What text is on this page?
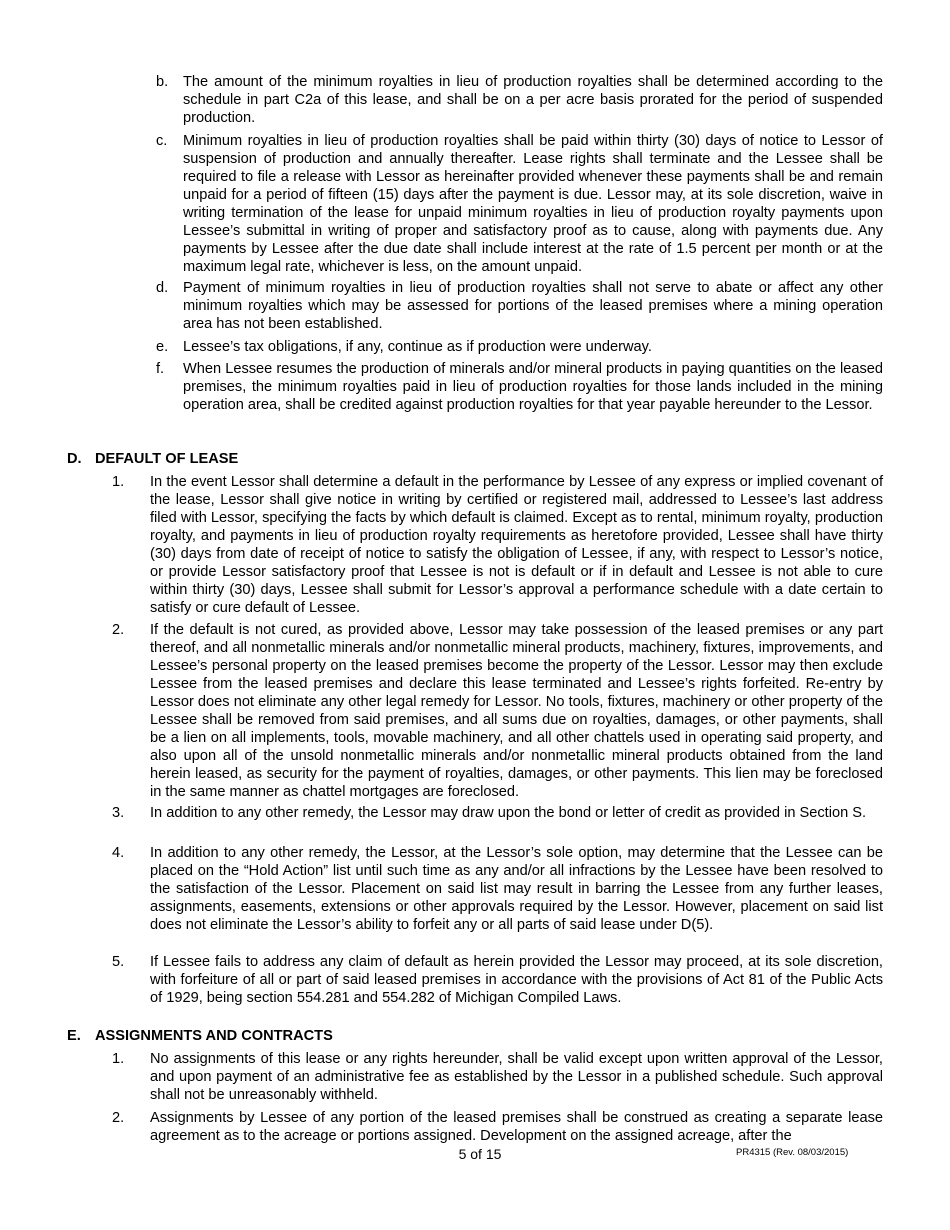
b. The amount of the minimum royalties in lieu of production royalties shall be determined according to the schedule in part C2a of this lease, and shall be on a per acre basis prorated for the period of suspended production.
c. Minimum royalties in lieu of production royalties shall be paid within thirty (30) days of notice to Lessor of suspension of production and annually thereafter. Lease rights shall terminate and the Lessee shall be required to file a release with Lessor as hereinafter provided whenever these payments shall be and remain unpaid for a period of fifteen (15) days after the payment is due. Lessor may, at its sole discretion, waive in writing termination of the lease for unpaid minimum royalties in lieu of production royalty payments upon Lessee’s submittal in writing of proper and satisfactory proof as to cause, along with payments due. Any payments by Lessee after the due date shall include interest at the rate of 1.5 percent per month or at the maximum legal rate, whichever is less, on the amount unpaid.
d. Payment of minimum royalties in lieu of production royalties shall not serve to abate or affect any other minimum royalties which may be assessed for portions of the leased premises where a mining operation area has not been established.
e. Lessee’s tax obligations, if any, continue as if production were underway.
f. When Lessee resumes the production of minerals and/or mineral products in paying quantities on the leased premises, the minimum royalties paid in lieu of production royalties for those lands included in the mining operation area, shall be credited against production royalties for that year payable hereunder to the Lessor.
D. DEFAULT OF LEASE
1. In the event Lessor shall determine a default in the performance by Lessee of any express or implied covenant of the lease, Lessor shall give notice in writing by certified or registered mail, addressed to Lessee’s last address filed with Lessor, specifying the facts by which default is claimed. Except as to rental, minimum royalty, production royalty, and payments in lieu of production royalty requirements as heretofore provided, Lessee shall have thirty (30) days from date of receipt of notice to satisfy the obligation of Lessee, if any, with respect to Lessor’s notice, or provide Lessor satisfactory proof that Lessee is not is default or if in default and Lessee is not able to cure within thirty (30) days, Lessee shall submit for Lessor’s approval a performance schedule with a date certain to satisfy or cure default of Lessee.
2. If the default is not cured, as provided above, Lessor may take possession of the leased premises or any part thereof, and all nonmetallic minerals and/or nonmetallic mineral products, machinery, fixtures, improvements, and Lessee’s personal property on the leased premises become the property of the Lessor. Lessor may then exclude Lessee from the leased premises and declare this lease terminated and Lessee’s rights forfeited. Re-entry by Lessor does not eliminate any other legal remedy for Lessor. No tools, fixtures, machinery or other property of the Lessee shall be removed from said premises, and all sums due on royalties, damages, or other payments, shall be a lien on all implements, tools, movable machinery, and all other chattels used in operating said property, and also upon all of the unsold nonmetallic minerals and/or nonmetallic mineral products obtained from the land herein leased, as security for the payment of royalties, damages, or other payments. This lien may be foreclosed in the same manner as chattel mortgages are foreclosed.
3. In addition to any other remedy, the Lessor may draw upon the bond or letter of credit as provided in Section S.
4. In addition to any other remedy, the Lessor, at the Lessor’s sole option, may determine that the Lessee can be placed on the “Hold Action” list until such time as any and/or all infractions by the Lessee have been resolved to the satisfaction of the Lessor. Placement on said list may result in barring the Lessee from any further leases, assignments, easements, extensions or other approvals required by the Lessor. However, placement on said list does not eliminate the Lessor’s ability to forfeit any or all parts of said lease under D(5).
5. If Lessee fails to address any claim of default as herein provided the Lessor may proceed, at its sole discretion, with forfeiture of all or part of said leased premises in accordance with the provisions of Act 81 of the Public Acts of 1929, being section 554.281 and 554.282 of Michigan Compiled Laws.
E. ASSIGNMENTS AND CONTRACTS
1. No assignments of this lease or any rights hereunder, shall be valid except upon written approval of the Lessor, and upon payment of an administrative fee as established by the Lessor in a published schedule. Such approval shall not be unreasonably withheld.
2. Assignments by Lessee of any portion of the leased premises shall be construed as creating a separate lease agreement as to the acreage or portions assigned. Development on the assigned acreage, after the
5 of 15	PR4315 (Rev. 08/03/2015)
